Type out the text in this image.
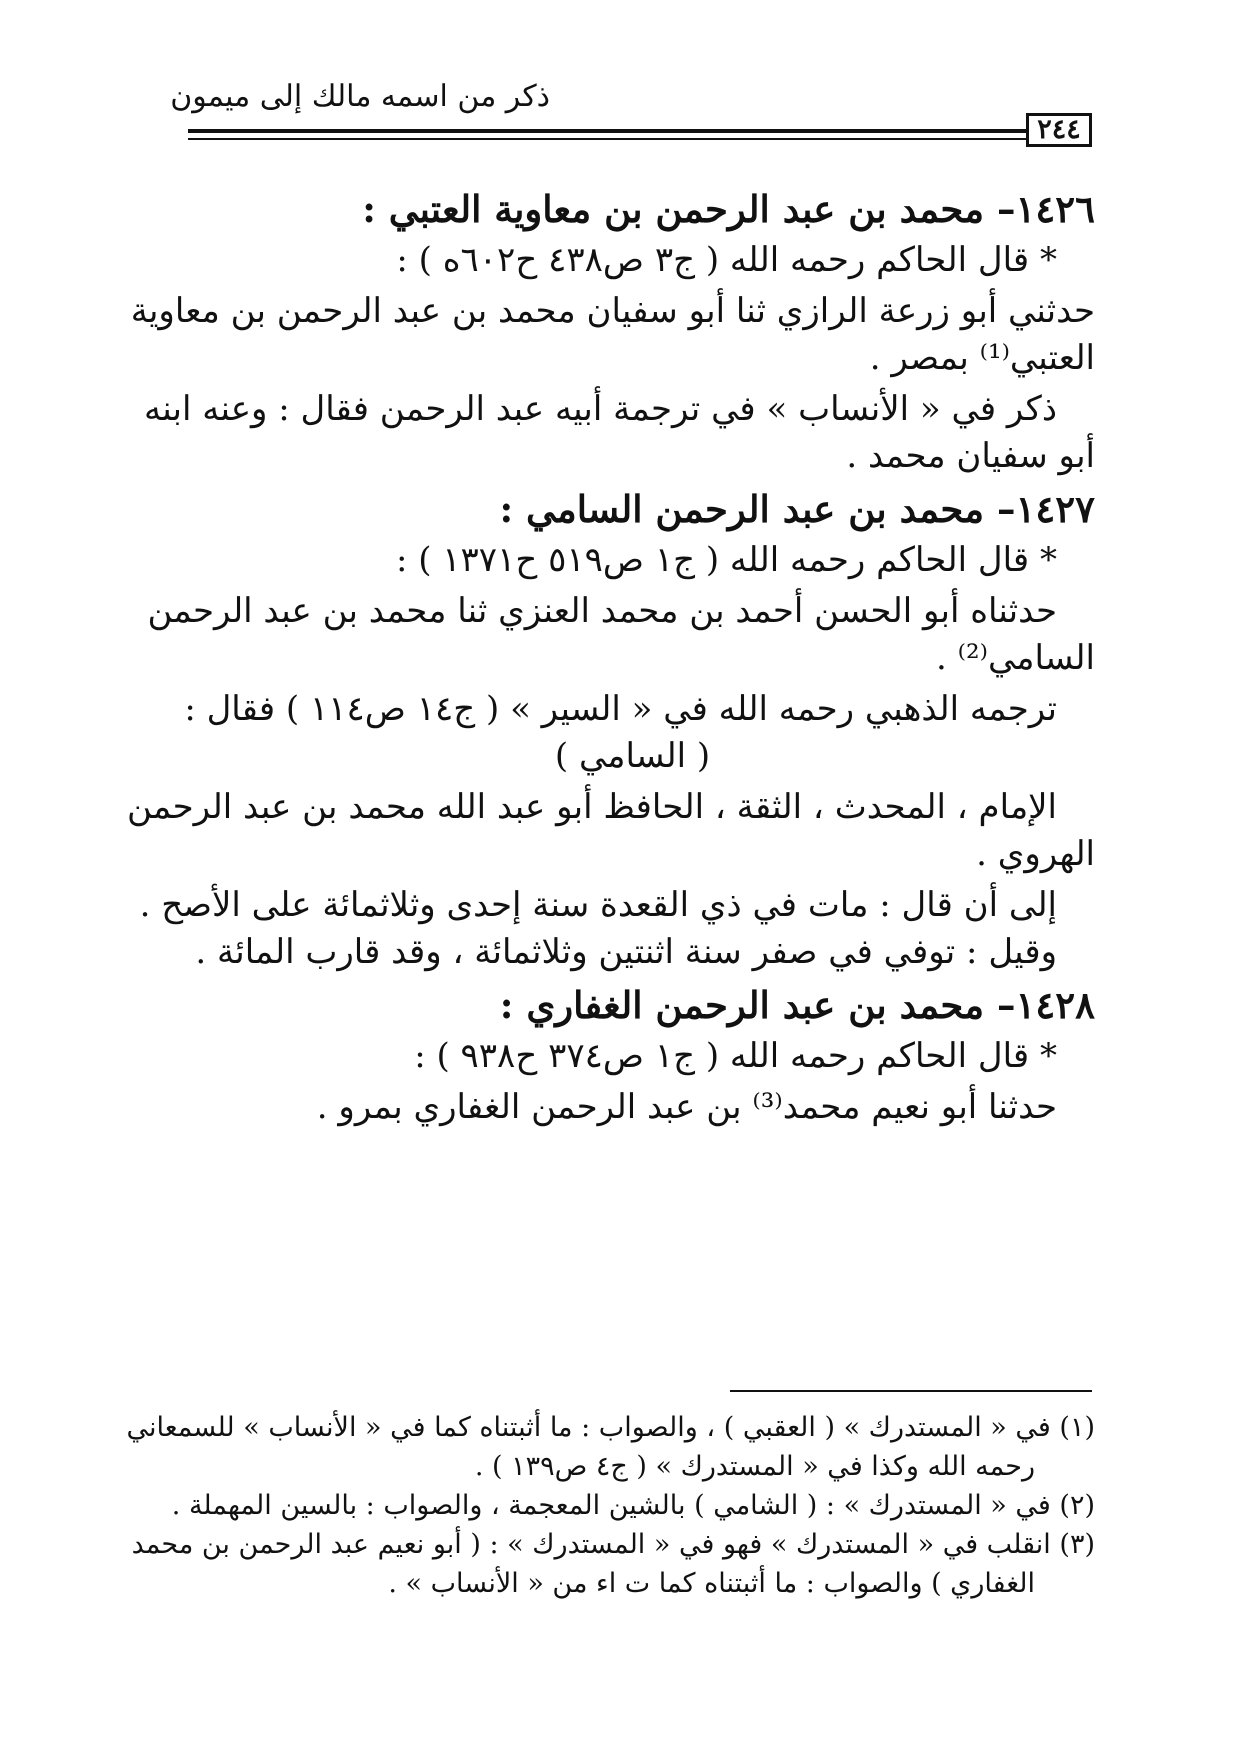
ذكر من اسمه مالك إلى ميمون
٢٤٤
١٤٢٦– محمد بن عبد الرحمن بن معاوية العتبي :
* قال الحاكم رحمه الله ( ج٣ ص٤٣٨ ح٦٠٢ه ) :
حدثني أبو زرعة الرازي ثنا أبو سفيان محمد بن عبد الرحمن بن معاوية
العتبي⁽¹⁾ بمصر .
ذكر في « الأنساب » في ترجمة أبيه عبد الرحمن فقال : وعنه ابنه
أبو سفيان محمد .
١٤٢٧– محمد بن عبد الرحمن السامي :
* قال الحاكم رحمه الله ( ج١ ص٥١٩ ح١٣٧١ ) :
حدثناه أبو الحسن أحمد بن محمد العنزي ثنا محمد بن عبد الرحمن
السامي⁽²⁾ .
ترجمه الذهبي رحمه الله في « السير » ( ج١٤ ص١١٤ ) فقال :
( السامي )
الإمام ، المحدث ، الثقة ، الحافظ أبو عبد الله محمد بن عبد الرحمن
الهروي .
إلى أن قال : مات في ذي القعدة سنة إحدى وثلاثمائة على الأصح .
وقيل : توفي في صفر سنة اثنتين وثلاثمائة ، وقد قارب المائة .
١٤٢٨– محمد بن عبد الرحمن الغفاري :
* قال الحاكم رحمه الله ( ج١ ص٣٧٤ ح٩٣٨ ) :
حدثنا أبو نعيم محمد⁽³⁾ بن عبد الرحمن الغفاري بمرو .
(١) في « المستدرك » ( العقبي ) ، والصواب : ما أثبتناه كما في « الأنساب » للسمعاني
رحمه الله وكذا في « المستدرك » ( ج٤ ص١٣٩ ) .
(٢) في « المستدرك » : ( الشامي ) بالشين المعجمة ، والصواب : بالسين المهملة .
(٣) انقلب في « المستدرك » فهو في « المستدرك » : ( أبو نعيم عبد الرحمن بن محمد
الغفاري ) والصواب : ما أثبتناه كما ت اء من « الأنساب » .
